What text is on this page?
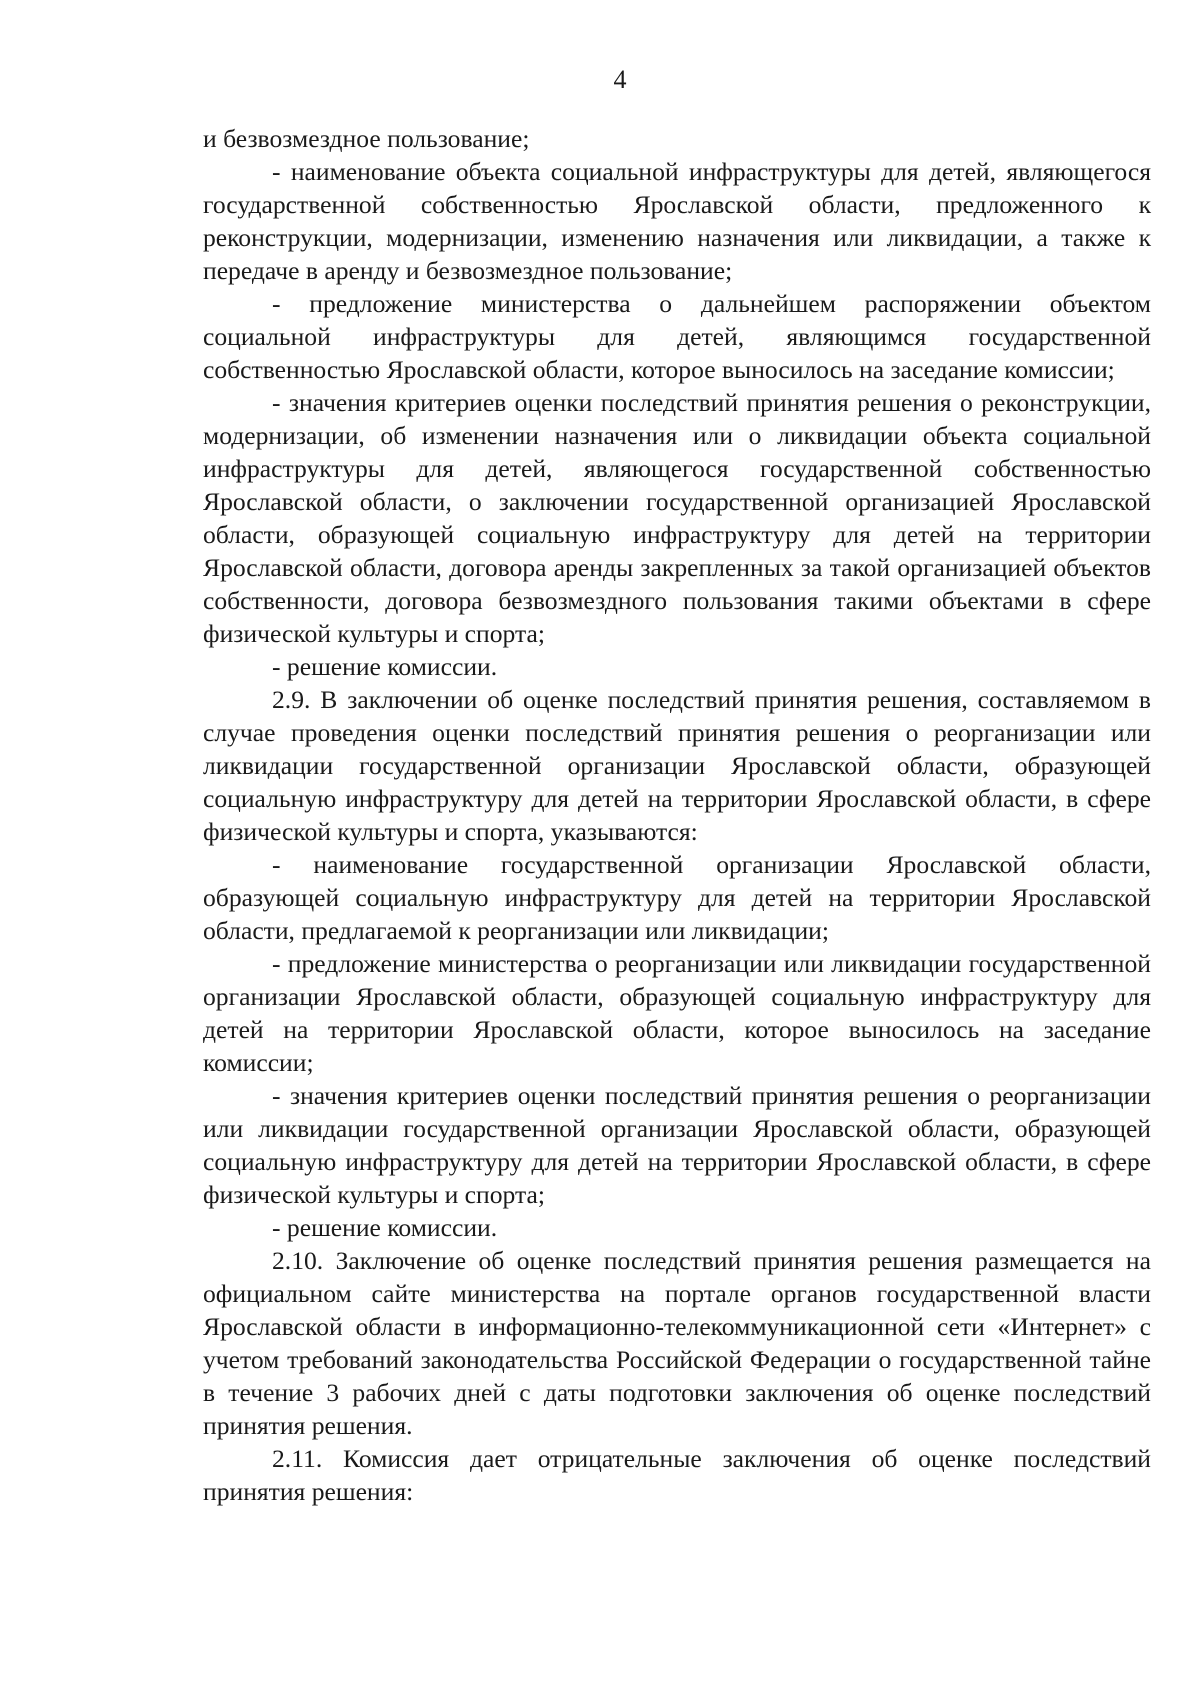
4

и безвозмездное пользование;

- наименование объекта социальной инфраструктуры для детей, являющегося государственной собственностью Ярославской области, предложенного к реконструкции, модернизации, изменению назначения или ликвидации, а также к передаче в аренду и безвозмездное пользование;

- предложение министерства о дальнейшем распоряжении объектом социальной инфраструктуры для детей, являющимся государственной собственностью Ярославской области, которое выносилось на заседание комиссии;

- значения критериев оценки последствий принятия решения о реконструкции, модернизации, об изменении назначения или о ликвидации объекта социальной инфраструктуры для детей, являющегося государственной собственностью Ярославской области, о заключении государственной организацией Ярославской области, образующей социальную инфраструктуру для детей на территории Ярославской области, договора аренды закрепленных за такой организацией объектов собственности, договора безвозмездного пользования такими объектами в сфере физической культуры и спорта;

- решение комиссии.

2.9. В заключении об оценке последствий принятия решения, составляемом в случае проведения оценки последствий принятия решения о реорганизации или ликвидации государственной организации Ярославской области, образующей социальную инфраструктуру для детей на территории Ярославской области, в сфере физической культуры и спорта, указываются:

- наименование государственной организации Ярославской области, образующей социальную инфраструктуру для детей на территории Ярославской области, предлагаемой к реорганизации или ликвидации;

- предложение министерства о реорганизации или ликвидации государственной организации Ярославской области, образующей социальную инфраструктуру для детей на территории Ярославской области, которое выносилось на заседание комиссии;

- значения критериев оценки последствий принятия решения о реорганизации или ликвидации государственной организации Ярославской области, образующей социальную инфраструктуру для детей на территории Ярославской области, в сфере физической культуры и спорта;

- решение комиссии.

2.10. Заключение об оценке последствий принятия решения размещается на официальном сайте министерства на портале органов государственной власти Ярославской области в информационно-телекоммуникационной сети «Интернет» с учетом требований законодательства Российской Федерации о государственной тайне в течение 3 рабочих дней с даты подготовки заключения об оценке последствий принятия решения.

2.11. Комиссия дает отрицательные заключения об оценке последствий принятия решения:
